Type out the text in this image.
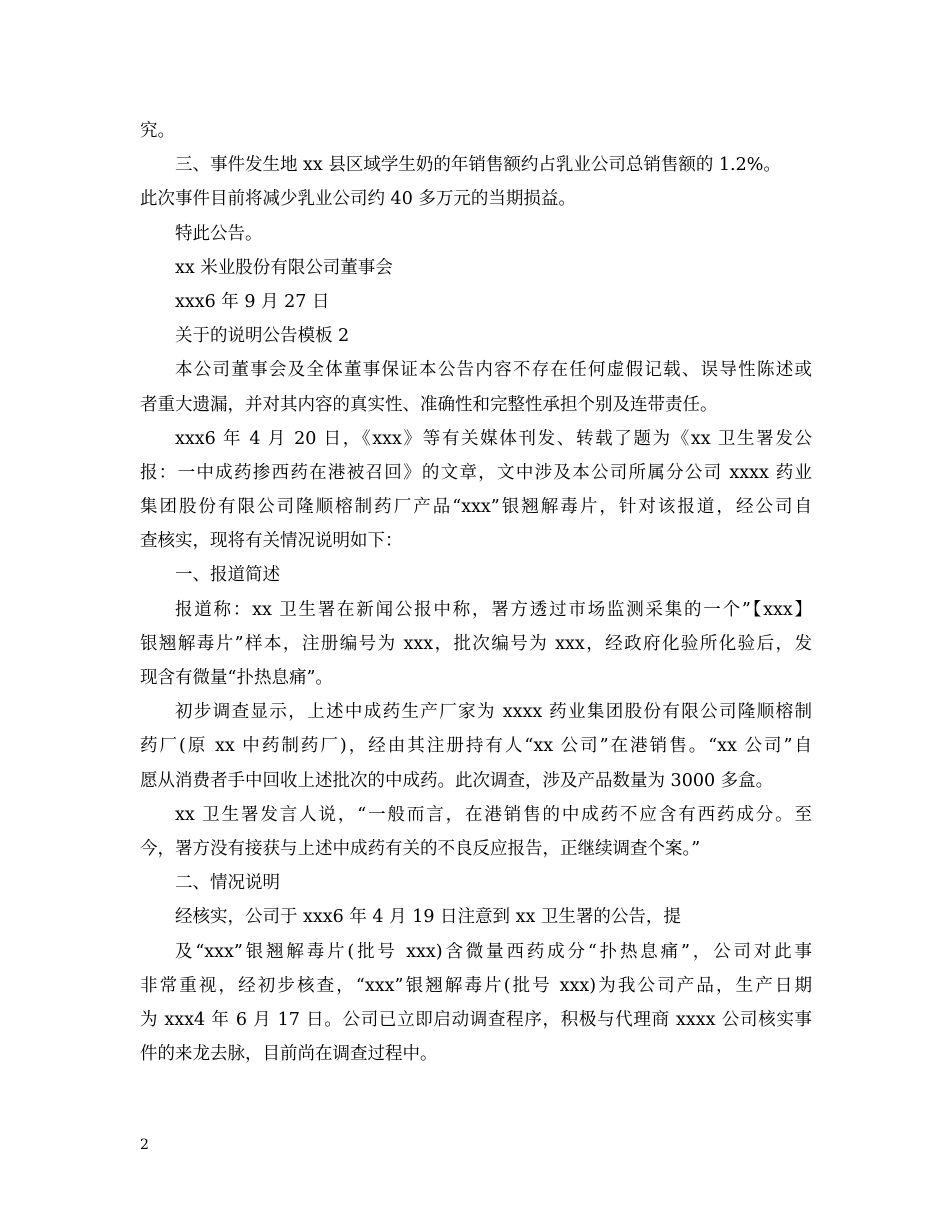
究。
三、事件发生地 xx 县区域学生奶的年销售额约占乳业公司总销售额的 1.2%。
此次事件目前将减少乳业公司约 40 多万元的当期损益。
特此公告。
xx 米业股份有限公司董事会
xxx6 年 9 月 27 日
关于的说明公告模板 2
本公司董事会及全体董事保证本公告内容不存在任何虚假记载、误导性陈述或
者重大遗漏，并对其内容的真实性、准确性和完整性承担个别及连带责任。
xxx6 年 4 月 20 日，《xxx》等有关媒体刊发、转载了题为《xx 卫生署发公
报：一中成药掺西药在港被召回》的文章，文中涉及本公司所属分公司 xxxx 药业
集团股份有限公司隆顺榕制药厂产品“xxx”银翘解毒片，针对该报道，经公司自
查核实，现将有关情况说明如下：
一、报道简述
报道称：xx 卫生署在新闻公报中称，署方透过市场监测采集的一个”【xxx】
银翘解毒片”样本，注册编号为 xxx，批次编号为 xxx，经政府化验所化验后，发
现含有微量“扑热息痛”。
初步调查显示，上述中成药生产厂家为 xxxx 药业集团股份有限公司隆顺榕制
药厂(原 xx 中药制药厂)，经由其注册持有人“xx 公司”在港销售。“xx 公司”自
愿从消费者手中回收上述批次的中成药。此次调查，涉及产品数量为 3000 多盒。
xx 卫生署发言人说，“一般而言，在港销售的中成药不应含有西药成分。至
今，署方没有接获与上述中成药有关的不良反应报告，正继续调查个案。”
二、情况说明
经核实，公司于 xxx6 年 4 月 19 日注意到 xx 卫生署的公告，提
及“xxx”银翘解毒片(批号 xxx)含微量西药成分“扑热息痛”，公司对此事
非常重视，经初步核查，“xxx”银翘解毒片(批号 xxx)为我公司产品，生产日期
为 xxx4 年 6 月 17 日。公司已立即启动调查程序，积极与代理商 xxxx 公司核实事
件的来龙去脉，目前尚在调查过程中。
2
